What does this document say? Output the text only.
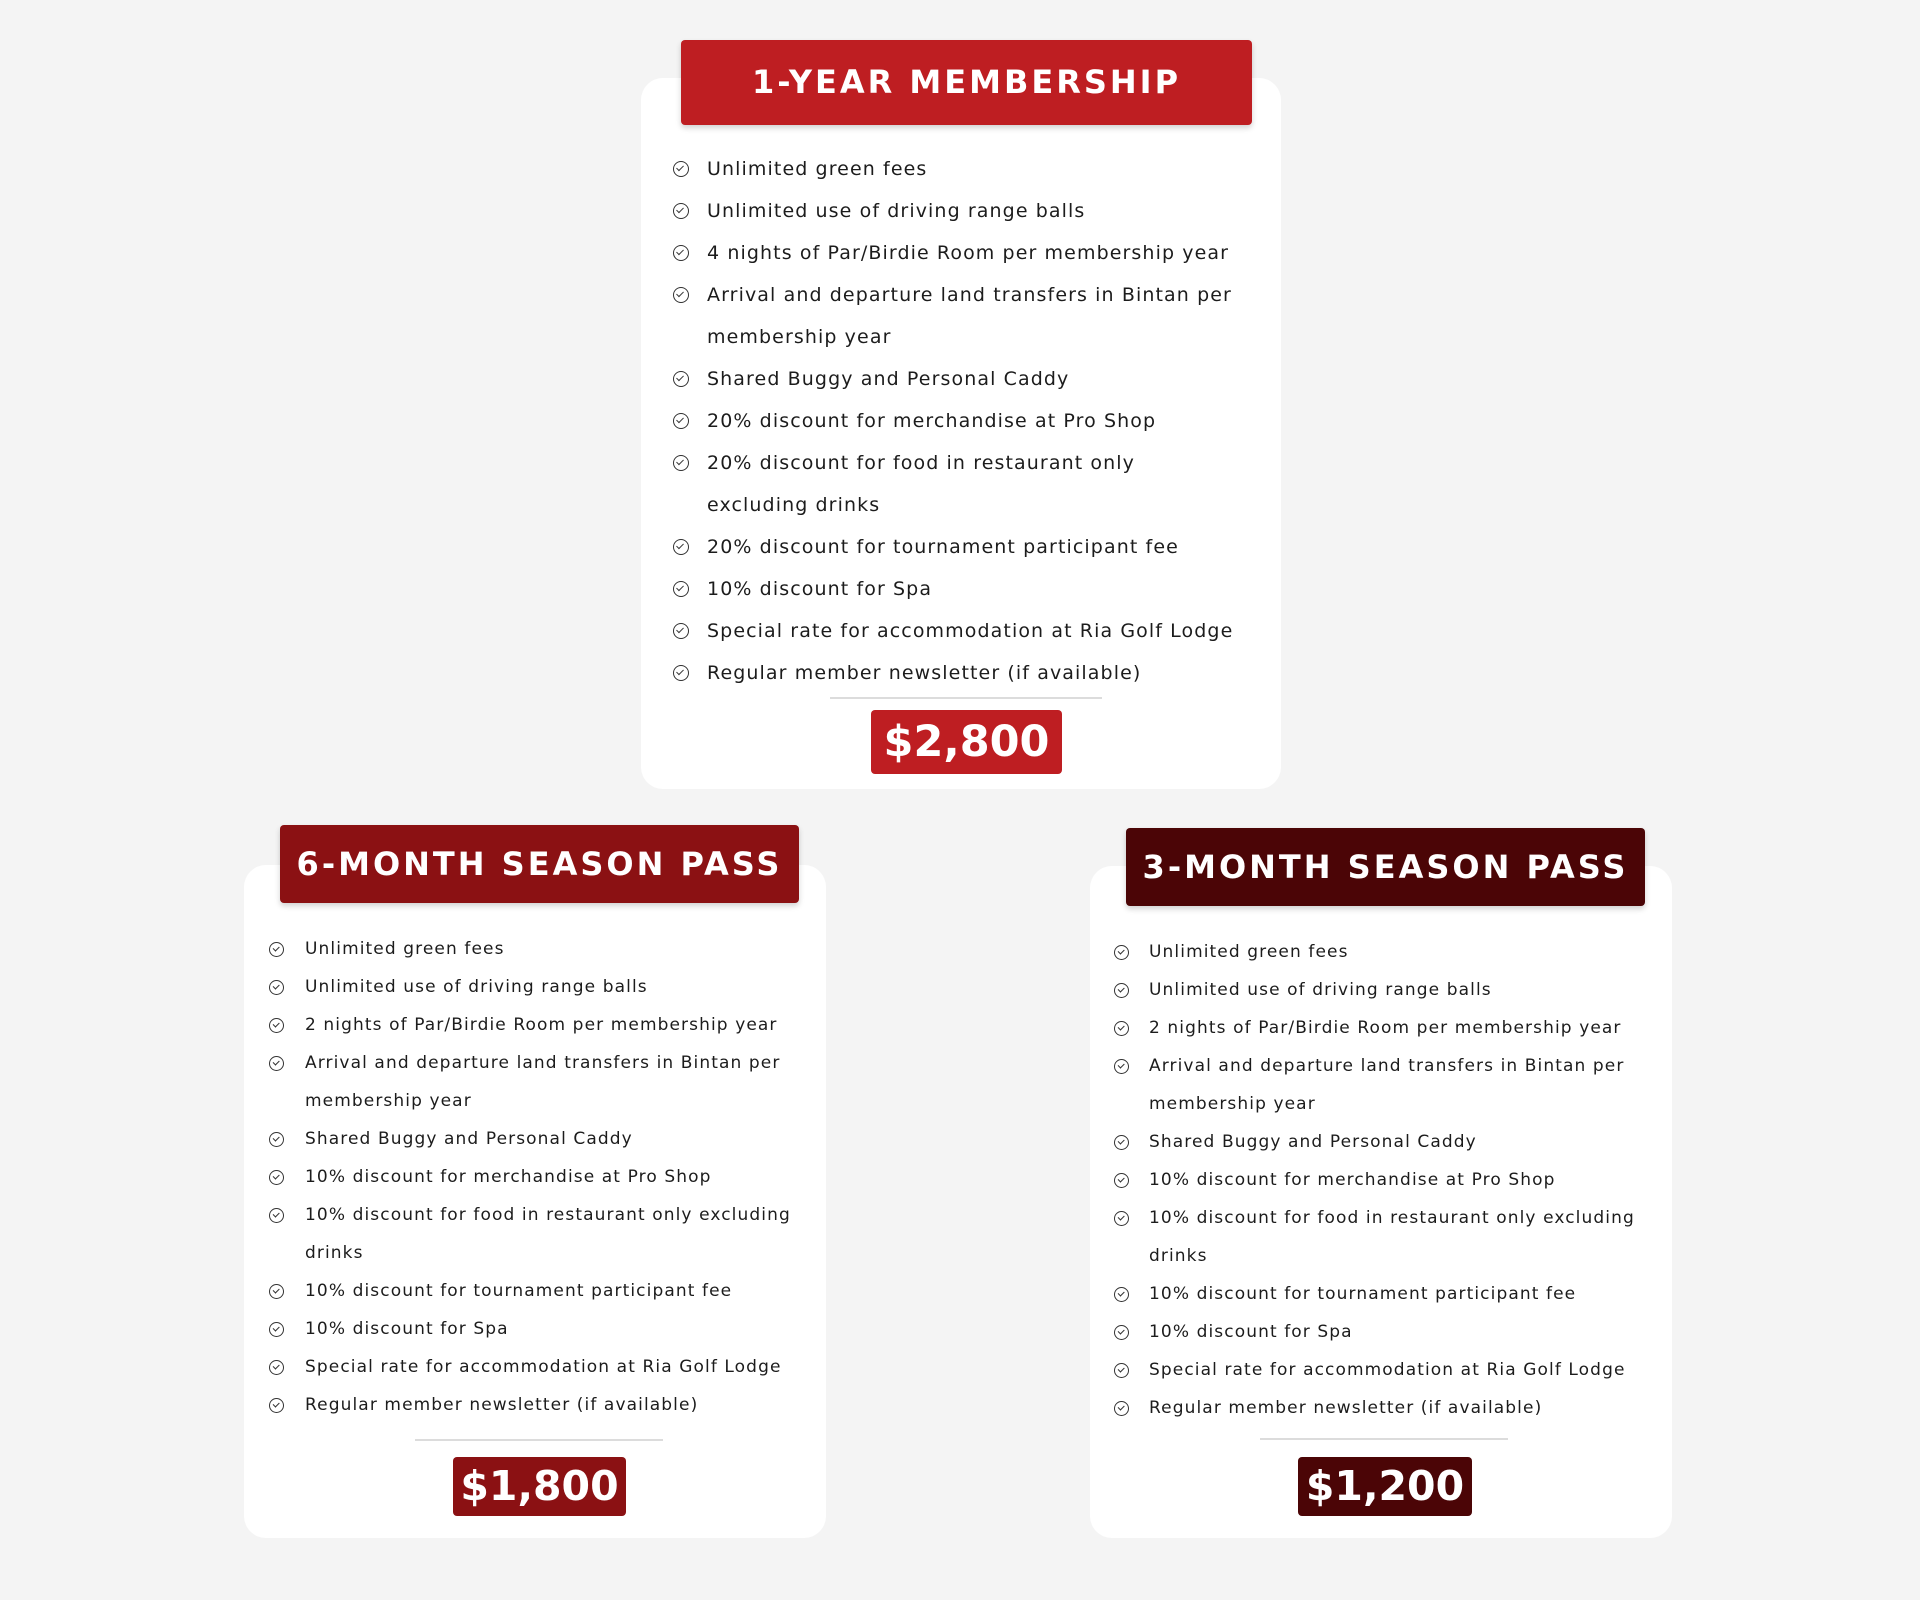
1-YEAR MEMBERSHIP
Unlimited green fees
Unlimited use of driving range balls
4 nights of Par/Birdie Room per membership year
Arrival and departure land transfers in Bintan per membership year
Shared Buggy and Personal Caddy
20% discount for merchandise at Pro Shop
20% discount for food in restaurant only excluding drinks
20% discount for tournament participant fee
10% discount for Spa
Special rate for accommodation at Ria Golf Lodge
Regular member newsletter (if available)
$2,800
6-MONTH SEASON PASS
Unlimited green fees
Unlimited use of driving range balls
2 nights of Par/Birdie Room per membership year
Arrival and departure land transfers in Bintan per membership year
Shared Buggy and Personal Caddy
10% discount for merchandise at Pro Shop
10% discount for food in restaurant only excluding drinks
10% discount for tournament participant fee
10% discount for Spa
Special rate for accommodation at Ria Golf Lodge
Regular member newsletter (if available)
$1,800
3-MONTH SEASON PASS
Unlimited green fees
Unlimited use of driving range balls
2 nights of Par/Birdie Room per membership year
Arrival and departure land transfers in Bintan per membership year
Shared Buggy and Personal Caddy
10% discount for merchandise at Pro Shop
10% discount for food in restaurant only excluding drinks
10% discount for tournament participant fee
10% discount for Spa
Special rate for accommodation at Ria Golf Lodge
Regular member newsletter (if available)
$1,200
